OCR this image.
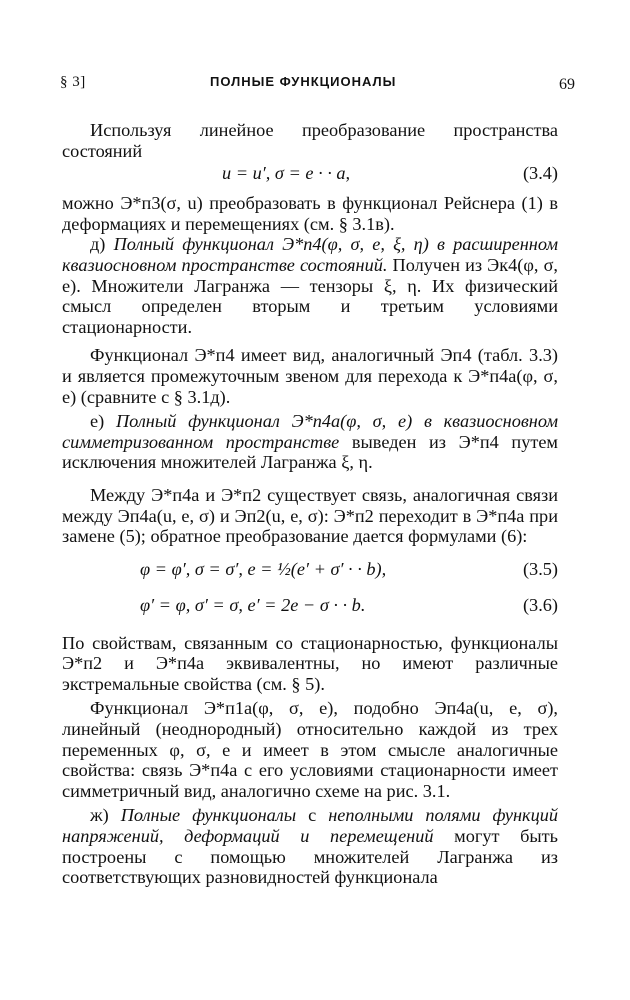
§ 3]	ПОЛНЫЕ ФУНКЦИОНАЛЫ	69
Используя линейное преобразование пространства состояний
u = u′, σ = e · · a,	(3.4)
можно Э*п3(σ, u) преобразовать в функционал Рейснера (1) в деформациях и перемещениях (см. § 3.1в).
д) Полный функционал Э*п4(φ, σ, e, ξ, η) в расширенном квазиосновном пространстве состояний. Получен из Эк4(φ, σ, e). Множители Лагранжа — тензоры ξ, η. Их физический смысл определен вторым и третьим условиями стационарности.
Функционал Э*п4 имеет вид, аналогичный Эп4 (табл. 3.3) и является промежуточным звеном для перехода к Э*п4а(φ, σ, e) (сравните с § 3.1д).
е) Полный функционал Э*п4а(φ, σ, e) в квазиосновном симметризованном пространстве выведен из Э*п4 путем исключения множителей Лагранжа ξ, η.
Между Э*п4а и Э*п2 существует связь, аналогичная связи между Эп4а(u, e, σ) и Эп2(u, e, σ): Э*п2 переходит в Э*п4а при замене (5); обратное преобразование дается формулами (6):
φ = φ′, σ = σ′, e = ½(e′ + σ′ · · b),	(3.5)
φ′ = φ, σ′ = σ, e′ = 2e − σ · · b.	(3.6)
По свойствам, связанным со стационарностью, функционалы Э*п2 и Э*п4а эквивалентны, но имеют различные экстремальные свойства (см. § 5).
Функционал Э*п1а(φ, σ, e), подобно Эп4а(u, e, σ), линейный (неоднородный) относительно каждой из трех переменных φ, σ, e и имеет в этом смысле аналогичные свойства: связь Э*п4а с его условиями стационарности имеет симметричный вид, аналогично схеме на рис. 3.1.
ж) Полные функционалы с неполными полями функций напряжений, деформаций и перемещений могут быть построены с помощью множителей Лагранжа из соответствующих разновидностей функционала
